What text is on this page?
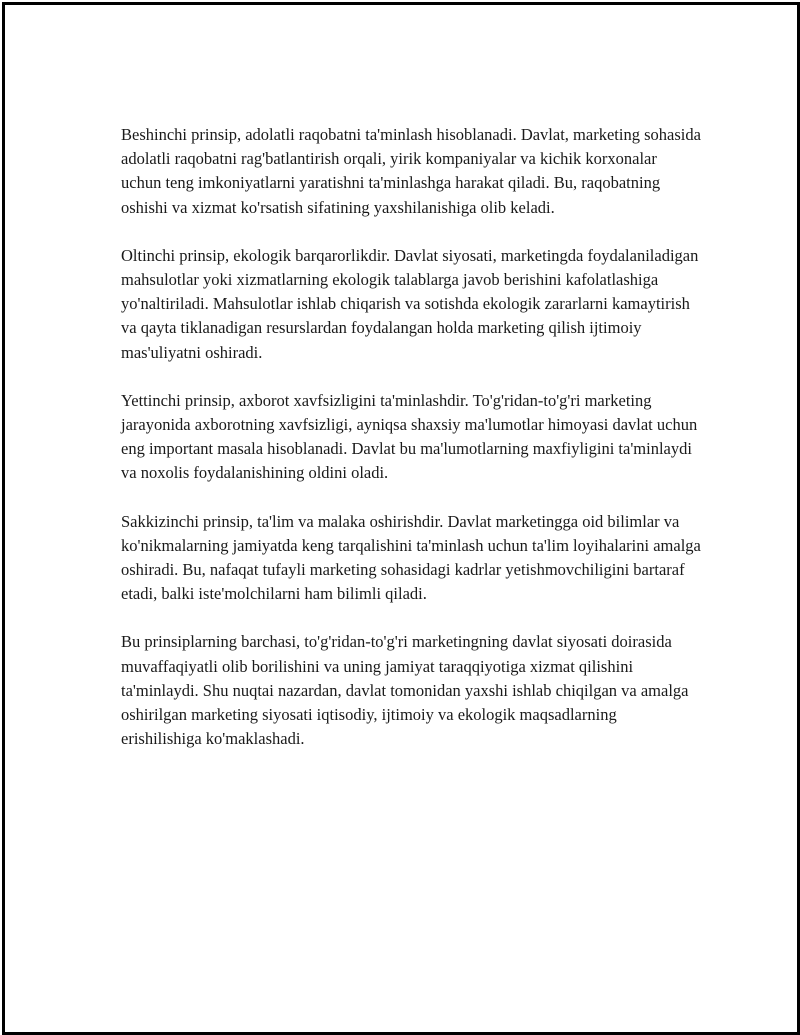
Beshinchi prinsip, adolatli raqobatni ta'minlash hisoblanadi. Davlat, marketing sohasida adolatli raqobatni rag'batlantirish orqali, yirik kompaniyalar va kichik korxonalar uchun teng imkoniyatlarni yaratishni ta'minlashga harakat qiladi. Bu, raqobatning oshishi va xizmat ko'rsatish sifatining yaxshilanishiga olib keladi.

Oltinchi prinsip, ekologik barqarorlikdir. Davlat siyosati, marketingda foydalaniladigan mahsulotlar yoki xizmatlarning ekologik talablarga javob berishini kafolatlashiga yo'naltiriladi. Mahsulotlar ishlab chiqarish va sotishda ekologik zararlarni kamaytirish va qayta tiklanadigan resurslardan foydalangan holda marketing qilish ijtimoiy mas'uliyatni oshiradi.

Yettinchi prinsip, axborot xavfsizligini ta'minlashdir. To'g'ridan-to'g'ri marketing jarayonida axborotning xavfsizligi, ayniqsa shaxsiy ma'lumotlar himoyasi davlat uchun eng important masala hisoblanadi. Davlat bu ma'lumotlarning maxfiyligini ta'minlaydi va noxolis foydalanishining oldini oladi.

Sakkizinchi prinsip, ta'lim va malaka oshirishdir. Davlat marketingga oid bilimlar va ko'nikmalarning jamiyatda keng tarqalishini ta'minlash uchun ta'lim loyihalarini amalga oshiradi. Bu, nafaqat tufayli marketing sohasidagi kadrlar yetishmovchiligini bartaraf etadi, balki iste'molchilarni ham bilimli qiladi.

Bu prinsiplarning barchasi, to'g'ridan-to'g'ri marketingning davlat siyosati doirasida muvaffaqiyatli olib borilishini va uning jamiyat taraqqiyotiga xizmat qilishini ta'minlaydi. Shu nuqtai nazardan, davlat tomonidan yaxshi ishlab chiqilgan va amalga oshirilgan marketing siyosati iqtisodiy, ijtimoiy va ekologik maqsadlarning erishilishiga ko'maklashadi.
